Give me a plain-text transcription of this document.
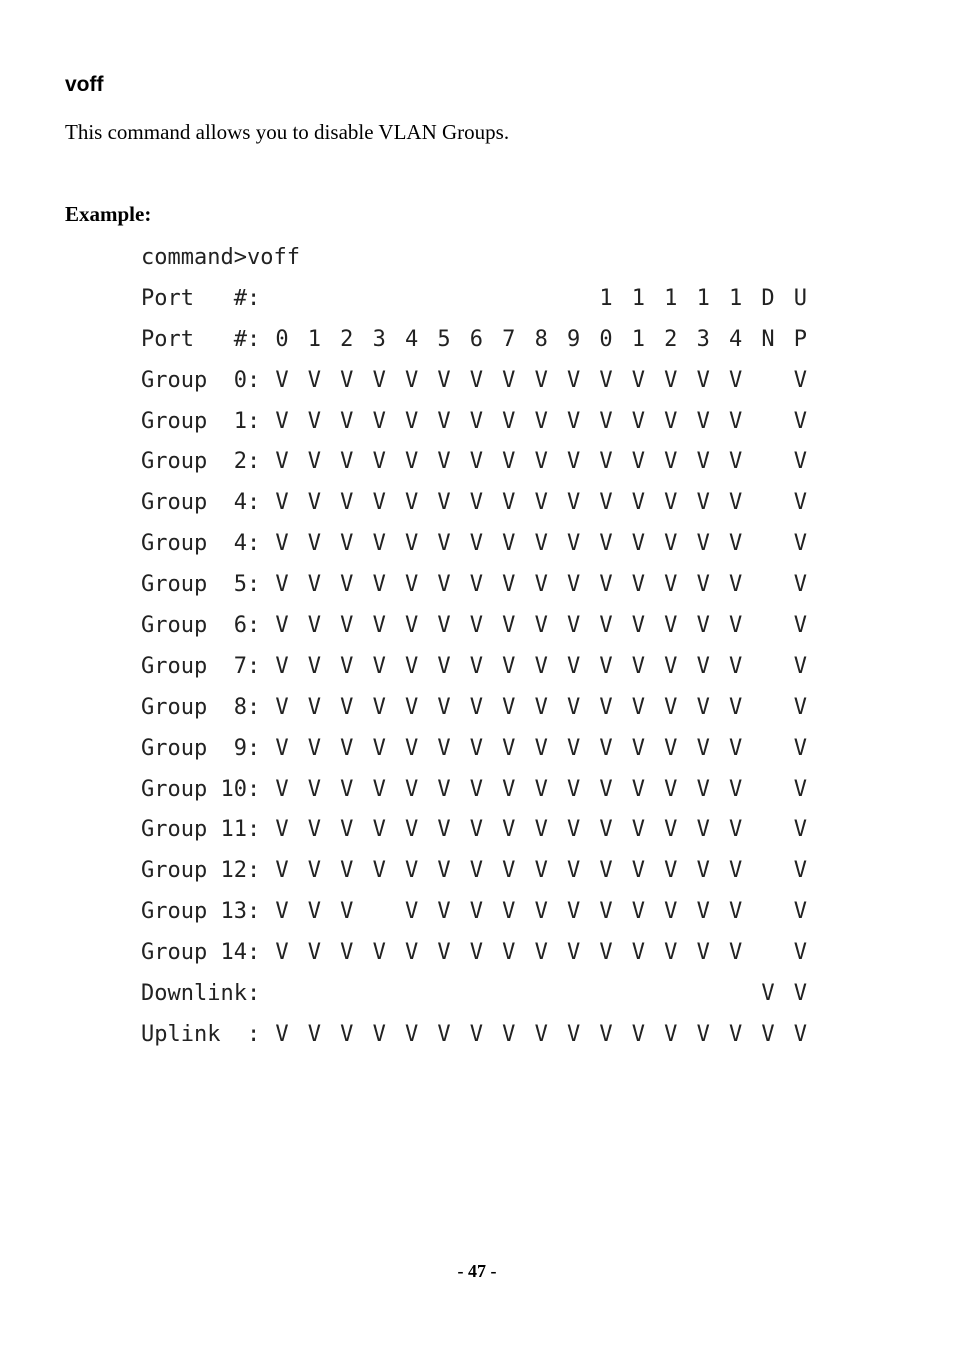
voff
This command allows you to disable VLAN Groups.
Example:
command>voff
Port   #:	1 1 1 1 1 D U
Port   #: 0 1 2 3 4 5 6 7 8 9 0 1 2 3 4 N P
Group  0: V V V V V V V V V V V V V V V V
Group  1: V V V V V V V V V V V V V V V V
Group  2: V V V V V V V V V V V V V V V V
Group  4: V V V V V V V V V V V V V V V V
Group  4: V V V V V V V V V V V V V V V V
Group  5: V V V V V V V V V V V V V V V V
Group  6: V V V V V V V V V V V V V V V V
Group  7: V V V V V V V V V V V V V V V V
Group  8: V V V V V V V V V V V V V V V V
Group  9: V V V V V V V V V V V V V V V V
Group 10: V V V V V V V V V V V V V V V V
Group 11: V V V V V V V V V V V V V V V V
Group 12: V V V V V V V V V V V V V V V V
Group 13: V V V V V V V V V V V V V V V
Group 14: V V V V V V V V V V V V V V V V
Downlink:	V V
Uplink  : V V V V V V V V V V V V V V V V V
- 47 -
